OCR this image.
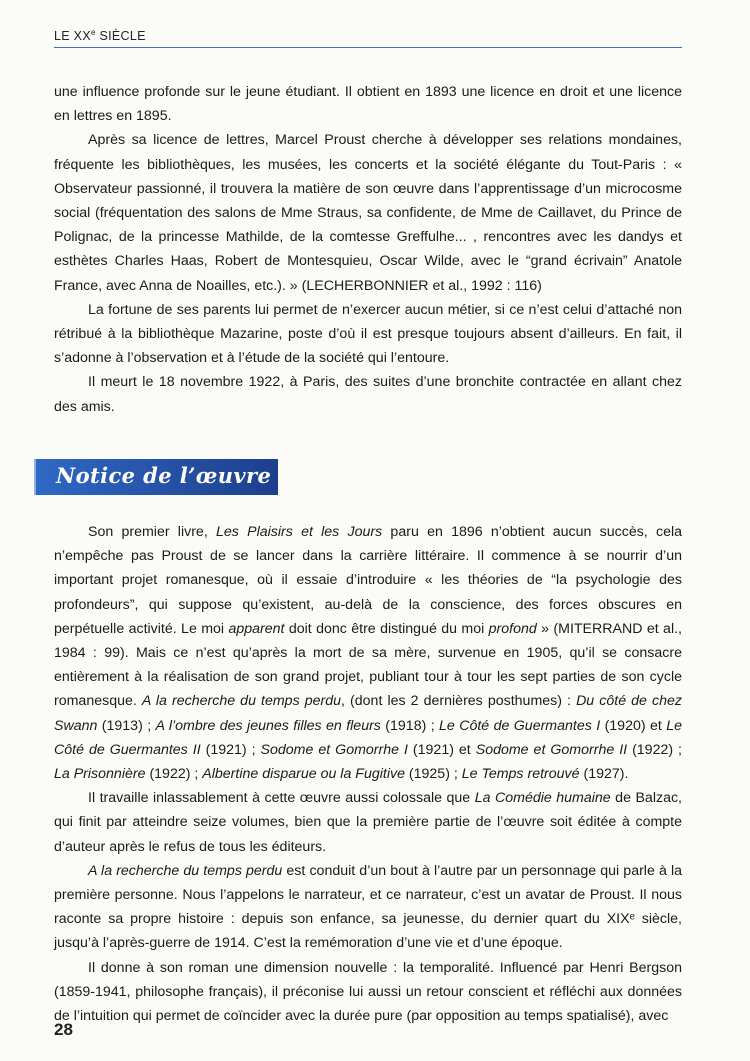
LE XXe SIÈCLE

une influence profonde sur le jeune étudiant. Il obtient en 1893 une licence en droit et une licence en lettres en 1895.

Après sa licence de lettres, Marcel Proust cherche à développer ses relations mondaines, fréquente les bibliothèques, les musées, les concerts et la société élégante du Tout-Paris : « Observateur passionné, il trouvera la matière de son œuvre dans l’apprentissage d’un microcosme social (fréquentation des salons de Mme Straus, sa confidente, de Mme de Caillavet, du Prince de Polignac, de la princesse Mathilde, de la comtesse Greffulhe... , rencontres avec les dandys et esthètes Charles Haas, Robert de Montesquieu, Oscar Wilde, avec le “grand écrivain” Anatole France, avec Anna de Noailles, etc.). » (LECHERBONNIER et al., 1992 : 116)

La fortune de ses parents lui permet de n’exercer aucun métier, si ce n’est celui d’attaché non rétribué à la bibliothèque Mazarine, poste d’où il est presque toujours absent d’ailleurs. En fait, il s’adonne à l’observation et à l’étude de la société qui l’entoure.

Il meurt le 18 novembre 1922, à Paris, des suites d’une bronchite contractée en allant chez des amis.

Notice de l’œuvre

Son premier livre, Les Plaisirs et les Jours paru en 1896 n’obtient aucun succès, cela n’empêche pas Proust de se lancer dans la carrière littéraire. Il commence à se nourrir d’un important projet romanesque, où il essaie d’introduire « les théories de “la psychologie des profondeurs”, qui suppose qu’existent, au-delà de la conscience, des forces obscures en perpétuelle activité. Le moi apparent doit donc être distingué du moi profond » (MITERRAND et al., 1984 : 99). Mais ce n’est qu’après la mort de sa mère, survenue en 1905, qu’il se consacre entièrement à la réalisation de son grand projet, publiant tour à tour les sept parties de son cycle romanesque. A la recherche du temps perdu, (dont les 2 dernières posthumes) : Du côté de chez Swann (1913) ; A l’ombre des jeunes filles en fleurs (1918) ; Le Côté de Guermantes I (1920) et Le Côté de Guermantes II (1921) ; Sodome et Gomorrhe I (1921) et Sodome et Gomorrhe II (1922) ; La Prisonnière (1922) ; Albertine disparue ou la Fugitive (1925) ; Le Temps retrouvé (1927).

Il travaille inlassablement à cette œuvre aussi colossale que La Comédie humaine de Balzac, qui finit par atteindre seize volumes, bien que la première partie de l’œuvre soit éditée à compte d’auteur après le refus de tous les éditeurs.

A la recherche du temps perdu est conduit d’un bout à l’autre par un personnage qui parle à la première personne. Nous l’appelons le narrateur, et ce narrateur, c’est un avatar de Proust. Il nous raconte sa propre histoire : depuis son enfance, sa jeunesse, du dernier quart du XIXᵉ siècle, jusqu’à l’après-guerre de 1914. C’est la remémoration d’une vie et d’une époque.

Il donne à son roman une dimension nouvelle : la temporalité. Influencé par Henri Bergson (1859-1941, philosophe français), il préconise lui aussi un retour conscient et réfléchi aux données de l’intuition qui permet de coïncider avec la durée pure (par opposition au temps spatialisé), avec

28
